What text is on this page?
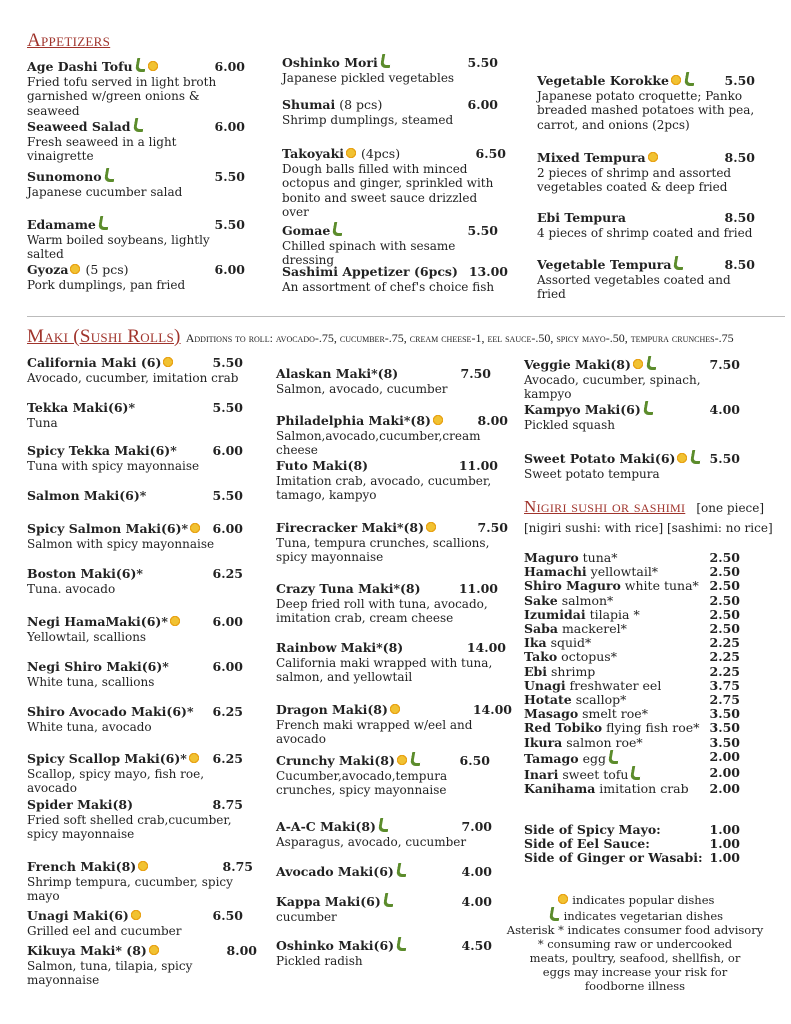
Appetizers
Age Dashi Tofu	6.00
Fried tofu served in light broth garnished w/green onions & seaweed
Seaweed Salad	6.00
Fresh seaweed in a light vinaigrette
Sunomono	5.50
Japanese cucumber salad
Edamame	5.50
Warm boiled soybeans, lightly salted
Gyoza (5 pcs)	6.00
Pork dumplings, pan fried
Oshinko Mori	5.50
Japanese pickled vegetables
Shumai (8 pcs)	6.00
Shrimp dumplings, steamed
Takoyaki (4pcs)	6.50
Dough balls filled with minced octopus and ginger, sprinkled with bonito and sweet sauce drizzled over
Gomae	5.50
Chilled spinach with sesame dressing
Sashimi Appetizer (6pcs) 13.00
An assortment of chef's choice fish
Vegetable Korokke	5.50
Japanese potato croquette; Panko breaded mashed potatoes with pea, carrot, and onions (2pcs)
Mixed Tempura	8.50
2 pieces of shrimp and assorted vegetables coated & deep fried
Ebi Tempura	8.50
4 pieces of shrimp coated and fried
Vegetable Tempura	8.50
Assorted vegetables coated and fried
Maki (Sushi Rolls) Additions to roll: avocado-.75, cucumber-.75, cream cheese-1, eel sauce-.50, spicy mayo-.50, tempura crunches-.75
California Maki (6)	5.50
Avocado, cucumber, imitation crab
Tekka Maki(6)*	5.50
Tuna
Spicy Tekka Maki(6)*	6.00
Tuna with spicy mayonnaise
Salmon Maki(6)*	5.50
Spicy Salmon Maki(6)*	6.00
Salmon with spicy mayonnaise
Boston Maki(6)*	6.25
Tuna. avocado
Negi HamaMaki(6)*	6.00
Yellowtail, scallions
Negi Shiro Maki(6)*	6.00
White tuna, scallions
Shiro Avocado Maki(6)* 6.25
White tuna, avocado
Spicy Scallop Maki(6)*	6.25
Scallop, spicy mayo, fish roe, avocado
Spider Maki(8)	8.75
Fried soft shelled crab,cucumber, spicy mayonnaise
French Maki(8)	8.75
Shrimp tempura, cucumber, spicy mayo
Unagi Maki(6)	6.50
Grilled eel and cucumber
Kikuya Maki* (8)	8.00
Salmon, tuna, tilapia, spicy mayonnaise
Alaskan Maki*(8)	7.50
Salmon, avocado, cucumber
Philadelphia Maki*(8)	8.00
Salmon,avocado,cucumber,cream cheese
Futo Maki(8)	11.00
Imitation crab, avocado, cucumber, tamago, kampyo
Firecracker Maki*(8)	7.50
Tuna, tempura crunches, scallions, spicy mayonnaise
Crazy Tuna Maki*(8)	11.00
Deep fried roll with tuna, avocado, imitation crab, cream cheese
Rainbow Maki*(8)	14.00
California maki wrapped with tuna, salmon, and yellowtail
Dragon Maki(8)	14.00
French maki wrapped w/eel and avocado
Crunchy Maki(8)	6.50
Cucumber,avocado,tempura crunches, spicy mayonnaise
A-A-C Maki(8)	7.00
Asparagus, avocado, cucumber
Avocado Maki(6)	4.00
Kappa Maki(6)	4.00
cucumber
Oshinko Maki(6)	4.50
Pickled radish
Veggie Maki(8)	7.50
Avocado, cucumber, spinach, kampyo
Kampyo Maki(6)	4.00
Pickled squash
Sweet Potato Maki(6)	5.50
Sweet potato tempura
Nigiri sushi or sashimi [one piece]
[nigiri sushi: with rice] [sashimi: no rice]
Maguro tuna*	2.50
Hamachi yellowtail*	2.50
Shiro Maguro white tuna* 2.50
Sake salmon*	2.50
Izumidai tilapia *	2.50
Saba mackerel*	2.50
Ika squid*	2.25
Tako octopus*	2.25
Ebi shrimp	2.25
Unagi freshwater eel	3.75
Hotate scallop*	2.75
Masago smelt roe*	3.50
Red Tobiko flying fish roe* 3.50
Ikura salmon roe*	3.50
Tamago egg	2.00
Inari sweet tofu	2.00
Kanihama imitation crab 2.00
Side of Spicy Mayo:	1.00
Side of Eel Sauce:	1.00
Side of Ginger or Wasabi: 1.00
indicates popular dishes
indicates vegetarian dishes
Asterisk * indicates consumer food advisory
* consuming raw or undercooked meats, poultry, seafood, shellfish, or eggs may increase your risk for foodborne illness
